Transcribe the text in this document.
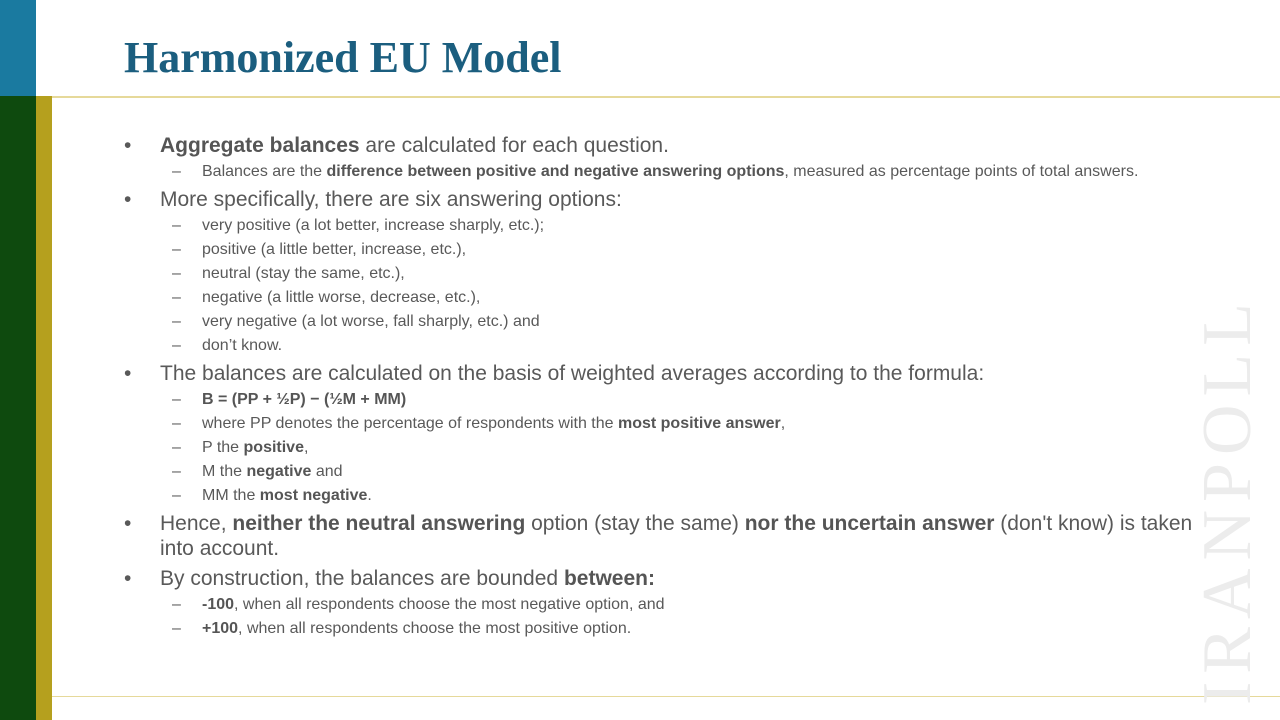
Harmonized EU Model
IRANPOLL
• Aggregate balances are calculated for each question.
– Balances are the difference between positive and negative answering options, measured as percentage points of total answers.
• More specifically, there are six answering options:
– very positive (a lot better, increase sharply, etc.);
– positive (a little better, increase, etc.),
– neutral (stay the same, etc.),
– negative (a little worse, decrease, etc.),
– very negative (a lot worse, fall sharply, etc.) and
– don’t know.
• The balances are calculated on the basis of weighted averages according to the formula:
– B = (PP + ½P) − (½M + MM)
– where PP denotes the percentage of respondents with the most positive answer,
– P the positive,
– M the negative and
– MM the most negative.
• Hence, neither the neutral answering option (stay the same) nor the uncertain answer (don't know) is taken into account.
• By construction, the balances are bounded between:
– -100, when all respondents choose the most negative option, and
– +100, when all respondents choose the most positive option.
